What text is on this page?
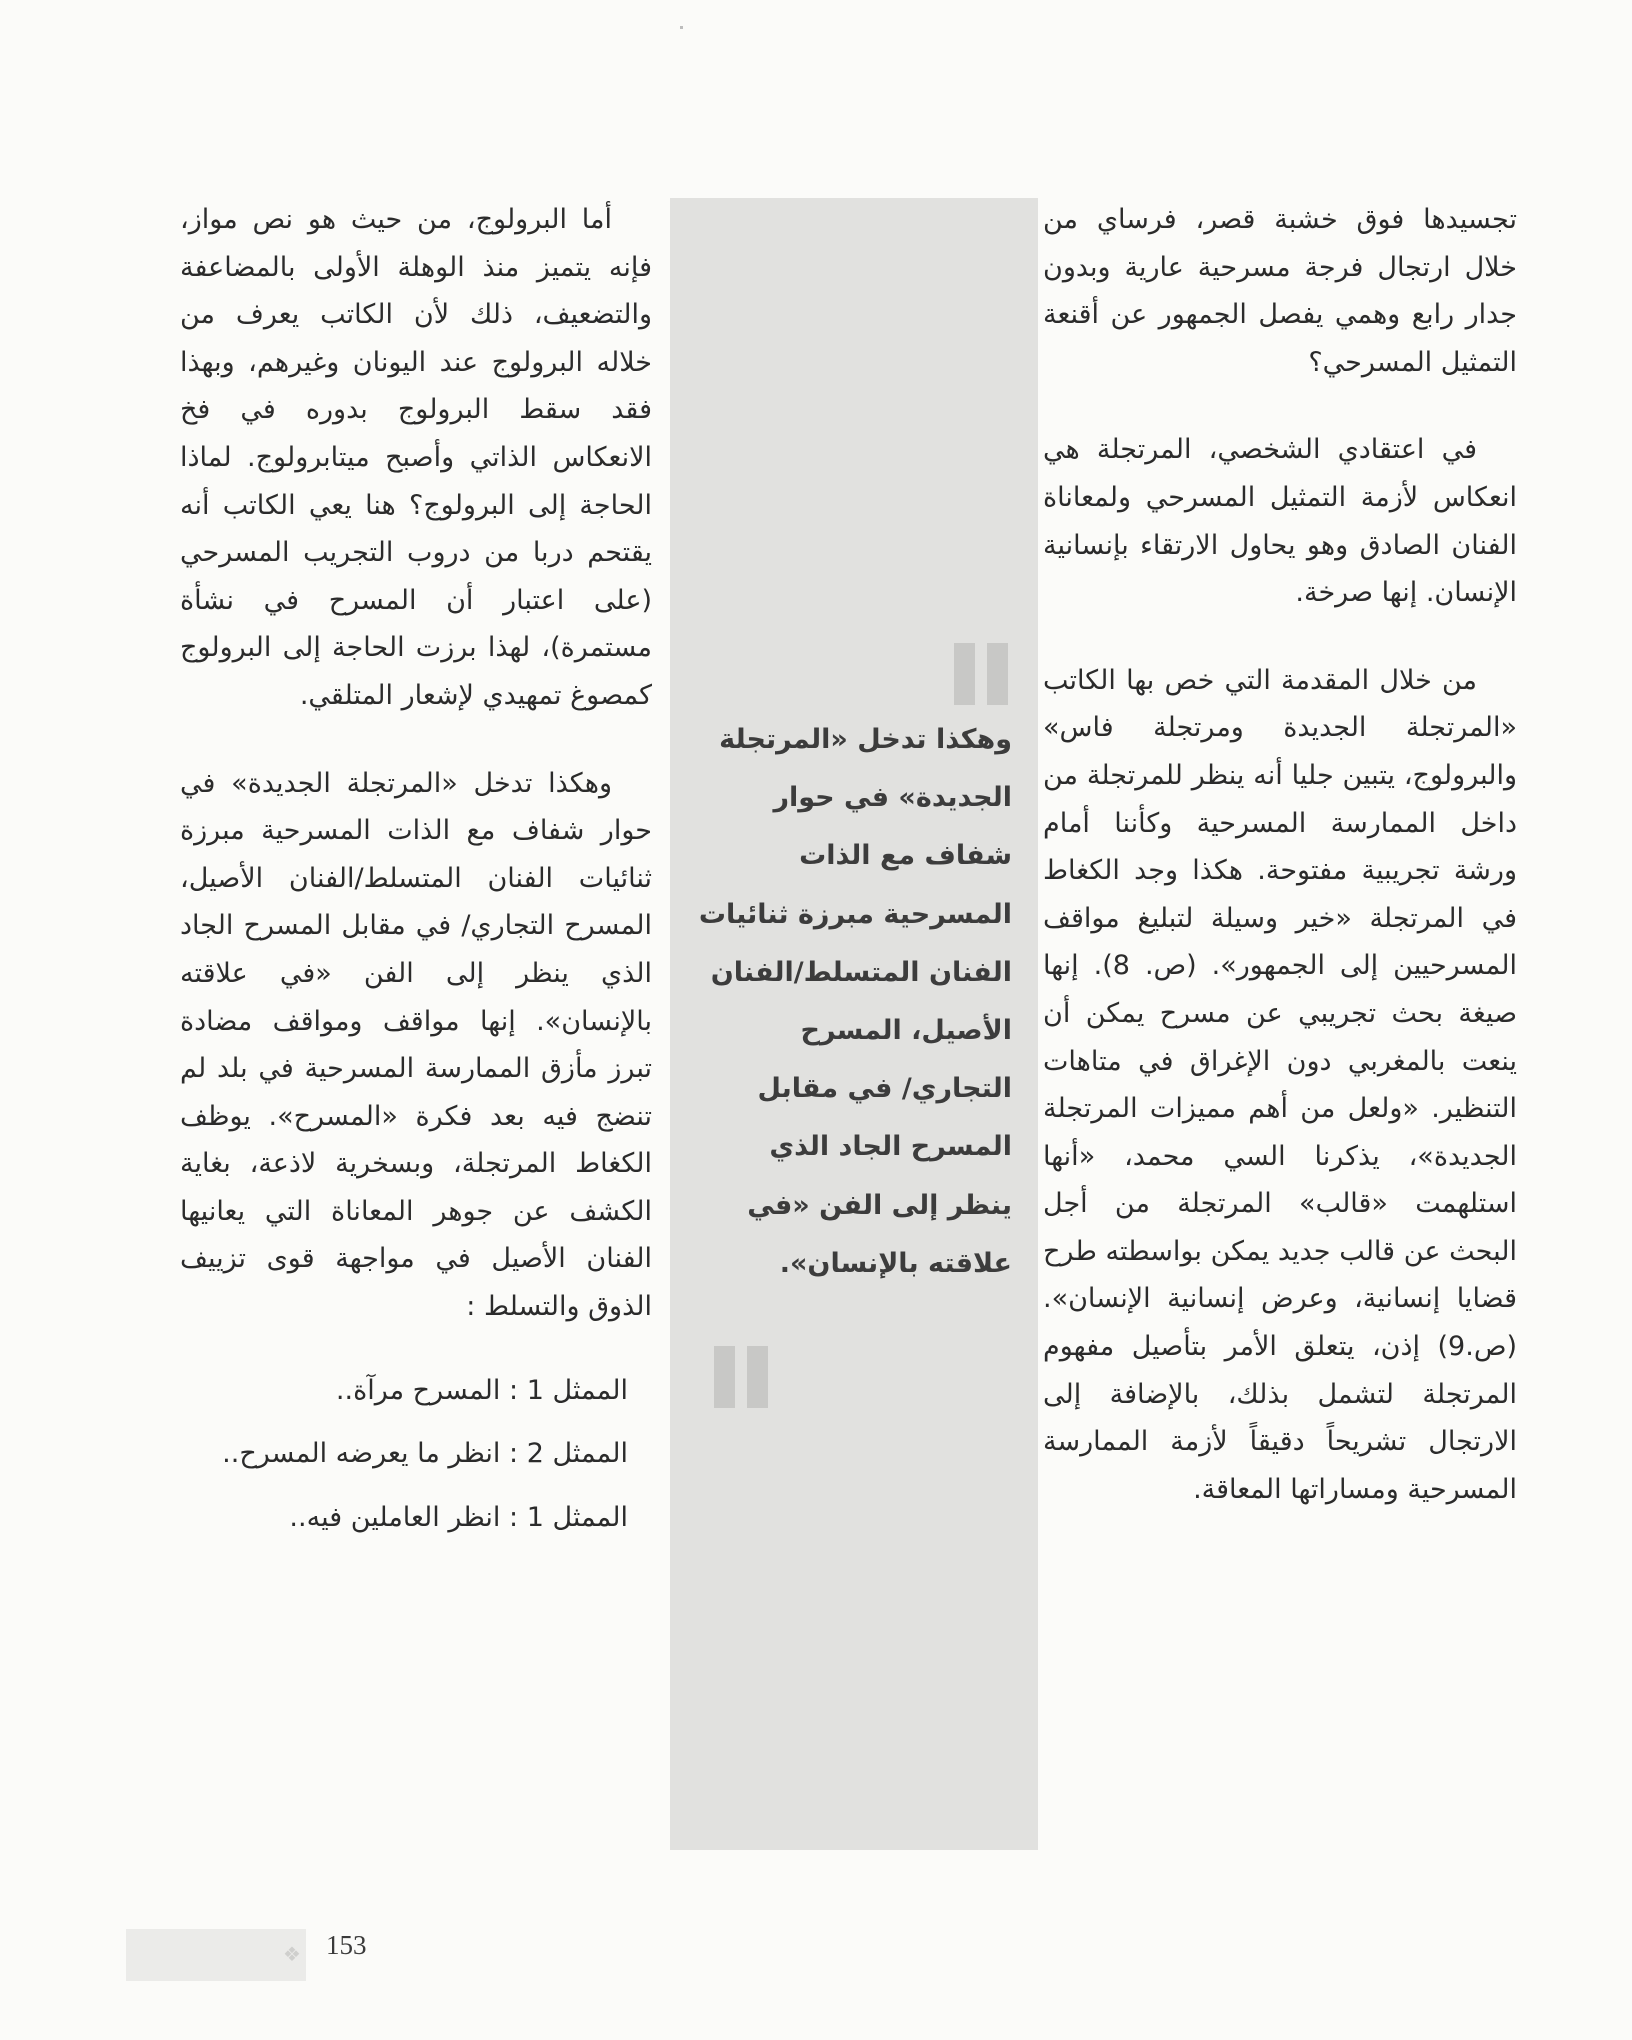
تجسيدها فوق خشبة قصر، فرساي من خلال ارتجال فرجة مسرحية عارية وبدون جدار رابع وهمي يفصل الجمهور عن أقنعة التمثيل المسرحي؟

في اعتقادي الشخصي، المرتجلة هي انعكاس لأزمة التمثيل المسرحي ولمعاناة الفنان الصادق وهو يحاول الارتقاء بإنسانية الإنسان. إنها صرخة.

من خلال المقدمة التي خص بها الكاتب «المرتجلة الجديدة ومرتجلة فاس» والبرولوج، يتبين جليا أنه ينظر للمرتجلة من داخل الممارسة المسرحية وكأننا أمام ورشة تجريبية مفتوحة. هكذا وجد الكغاط في المرتجلة «خير وسيلة لتبليغ مواقف المسرحيين إلى الجمهور». (ص. 8). إنها صيغة بحث تجريبي عن مسرح يمكن أن ينعت بالمغربي دون الإغراق في متاهات التنظير. «ولعل من أهم مميزات المرتجلة الجديدة»، يذكرنا السي محمد، «أنها استلهمت «قالب» المرتجلة من أجل البحث عن قالب جديد يمكن بواسطته طرح قضايا إنسانية، وعرض إنسانية الإنسان». (ص.9) إذن، يتعلق الأمر بتأصيل مفهوم المرتجلة لتشمل بذلك، بالإضافة إلى الارتجال تشريحاً دقيقاً لأزمة الممارسة المسرحية ومساراتها المعاقة.

وهكذا تدخل «المرتجلة الجديدة» في حوار شفاف مع الذات المسرحية مبرزة ثنائيات الفنان المتسلط/الفنان الأصيل، المسرح التجاري/ في مقابل المسرح الجاد الذي ينظر إلى الفن «في علاقته بالإنسان».

أما البرولوج، من حيث هو نص مواز، فإنه يتميز منذ الوهلة الأولى بالمضاعفة والتضعيف، ذلك لأن الكاتب يعرف من خلاله البرولوج عند اليونان وغيرهم، وبهذا فقد سقط البرولوج بدوره في فخ الانعكاس الذاتي وأصبح ميتابرولوج. لماذا الحاجة إلى البرولوج؟ هنا يعي الكاتب أنه يقتحم دربا من دروب التجريب المسرحي (على اعتبار أن المسرح في نشأة مستمرة)، لهذا برزت الحاجة إلى البرولوج كمصوغ تمهيدي لإشعار المتلقي.

وهكذا تدخل «المرتجلة الجديدة» في حوار شفاف مع الذات المسرحية مبرزة ثنائيات الفنان المتسلط/الفنان الأصيل، المسرح التجاري/ في مقابل المسرح الجاد الذي ينظر إلى الفن «في علاقته بالإنسان». إنها مواقف ومواقف مضادة تبرز مأزق الممارسة المسرحية في بلد لم تنضج فيه بعد فكرة «المسرح». يوظف الكغاط المرتجلة، وبسخرية لاذعة، بغاية الكشف عن جوهر المعاناة التي يعانيها الفنان الأصيل في مواجهة قوى تزييف الذوق والتسلط :

الممثل 1 : المسرح مرآة..
الممثل 2 : انظر ما يعرضه المسرح..
الممثل 1 : انظر العاملين فيه..
❖ 153
